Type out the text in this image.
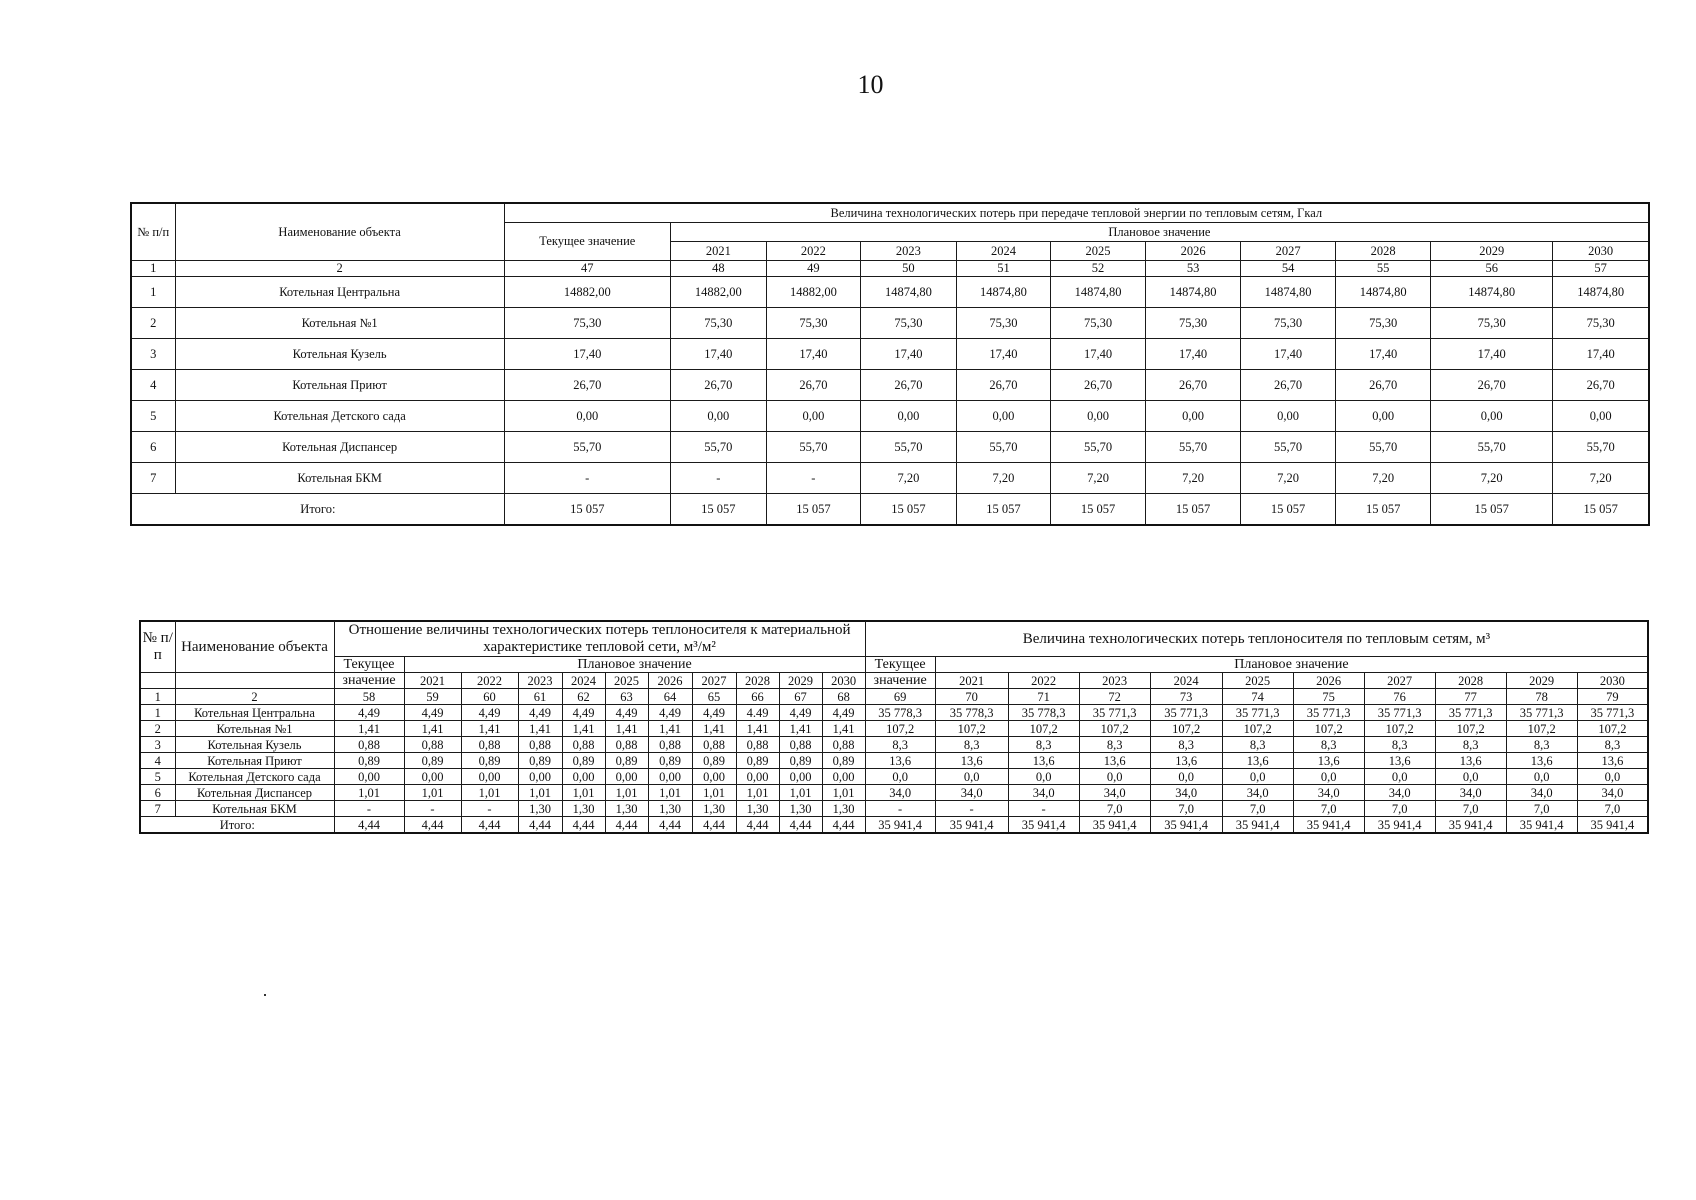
10
№ п/п	Наименование объекта	Величина технологических потерь при передаче тепловой энергии по тепловым сетям, Гкал										
		Текущее значение	Плановое значение									
			2021	2022	2023	2024	2025	2026	2027	2028	2029	2030
1	2	47	48	49	50	51	52	53	54	55	56	57
1	Котельная Центральна	14882,00	14882,00	14882,00	14874,80	14874,80	14874,80	14874,80	14874,80	14874,80	14874,80	14874,80
2	Котельная №1	75,30	75,30	75,30	75,30	75,30	75,30	75,30	75,30	75,30	75,30	75,30
3	Котельная Кузель	17,40	17,40	17,40	17,40	17,40	17,40	17,40	17,40	17,40	17,40	17,40
4	Котельная Приют	26,70	26,70	26,70	26,70	26,70	26,70	26,70	26,70	26,70	26,70	26,70
5	Котельная Детского сада	0,00	0,00	0,00	0,00	0,00	0,00	0,00	0,00	0,00	0,00	0,00
6	Котельная Диспансер	55,70	55,70	55,70	55,70	55,70	55,70	55,70	55,70	55,70	55,70	55,70
7	Котельная БКМ	-	-	-	7,20	7,20	7,20	7,20	7,20	7,20	7,20	7,20
Итого:		15 057	15 057	15 057	15 057	15 057	15 057	15 057	15 057	15 057	15 057	15 057
№ п/п	Наименование объекта	Отношение величины технологических потерь теплоносителя к материальной характеристике тепловой сети, м³/м²											Величина технологических потерь теплоносителя по тепловым сетям, м³										

		Текущее	Плановое значение										Текущее	Плановое значение									
		значение	2021	2022	2023	2024	2025	2026	2027	2028	2029	2030	значение	2021	2022	2023	2024	2025	2026	2027	2028	2029	2030
1	2	58	59	60	61	62	63	64	65	66	67	68	69	70	71	72	73	74	75	76	77	78	79
1	Котельная Центральна	4,49	4,49	4,49	4,49	4,49	4,49	4,49	4,49	4.49	4,49	4,49	35 778,3	35 778,3	35 778,3	35 771,3	35 771,3	35 771,3	35 771,3	35 771,3	35 771,3	35 771,3	35 771,3
2	Котельная №1	1,41	1,41	1,41	1,41	1,41	1,41	1,41	1,41	1,41	1,41	1,41	107,2	107,2	107,2	107,2	107,2	107,2	107,2	107,2	107,2	107,2	107,2
3	Котельная Кузель	0,88	0,88	0,88	0,88	0,88	0,88	0,88	0,88	0,88	0,88	0,88	8,3	8,3	8,3	8,3	8,3	8,3	8,3	8,3	8,3	8,3	8,3
4	Котельная Приют	0,89	0,89	0,89	0,89	0,89	0,89	0,89	0,89	0,89	0,89	0,89	13,6	13,6	13,6	13,6	13,6	13,6	13,6	13,6	13,6	13,6	13,6
5	Котельная Детского сада	0,00	0,00	0,00	0,00	0,00	0,00	0,00	0,00	0,00	0,00	0,00	0,0	0,0	0,0	0,0	0,0	0,0	0,0	0,0	0,0	0,0	0,0
6	Котельная Диспансер	1,01	1,01	1,01	1,01	1,01	1,01	1,01	1,01	1,01	1,01	1,01	34,0	34,0	34,0	34,0	34,0	34,0	34,0	34,0	34,0	34,0	34,0
7	Котельная БКМ	-	-	-	1,30	1,30	1,30	1,30	1,30	1,30	1,30	1,30	-	-	-	7,0	7,0	7,0	7,0	7,0	7,0	7,0	7,0
Итого:		4,44	4,44	4,44	4,44	4,44	4,44	4,44	4,44	4,44	4,44	4,44	35 941,4	35 941,4	35 941,4	35 941,4	35 941,4	35 941,4	35 941,4	35 941,4	35 941,4	35 941,4	35 941,4
